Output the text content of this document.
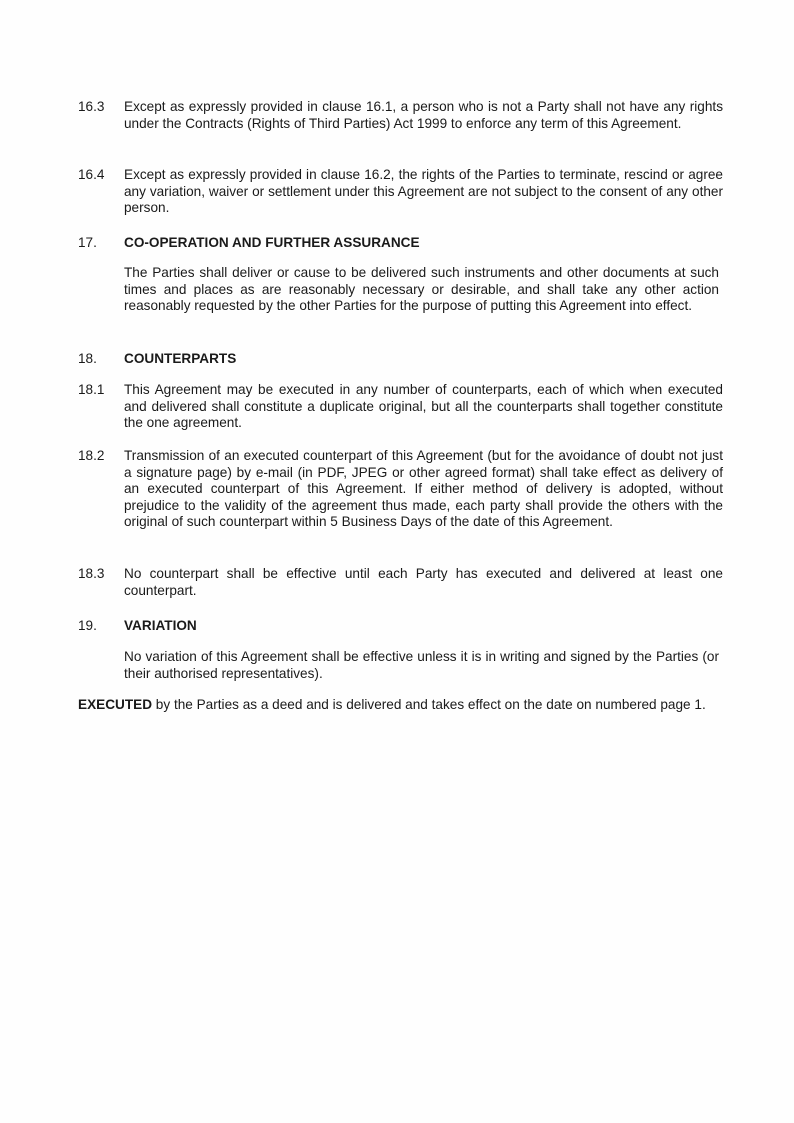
16.3	Except as expressly provided in clause 16.1, a person who is not a Party shall not have any rights under the Contracts (Rights of Third Parties) Act 1999 to enforce any term of this Agreement.
16.4	Except as expressly provided in clause 16.2, the rights of the Parties to terminate, rescind or agree any variation, waiver or settlement under this Agreement are not subject to the consent of any other person.
17.	CO-OPERATION AND FURTHER ASSURANCE
The Parties shall deliver or cause to be delivered such instruments and other documents at such times and places as are reasonably necessary or desirable, and shall take any other action reasonably requested by the other Parties for the purpose of putting this Agreement into effect.
18.	COUNTERPARTS
18.1	This Agreement may be executed in any number of counterparts, each of which when executed and delivered shall constitute a duplicate original, but all the counterparts shall together constitute the one agreement.
18.2	Transmission of an executed counterpart of this Agreement (but for the avoidance of doubt not just a signature page) by e-mail (in PDF, JPEG or other agreed format) shall take effect as delivery of an executed counterpart of this Agreement. If either method of delivery is adopted, without prejudice to the validity of the agreement thus made, each party shall provide the others with the original of such counterpart within 5 Business Days of the date of this Agreement.
18.3	No counterpart shall be effective until each Party has executed and delivered at least one counterpart.
19.	VARIATION
No variation of this Agreement shall be effective unless it is in writing and signed by the Parties (or their authorised representatives).
EXECUTED by the Parties as a deed and is delivered and takes effect on the date on numbered page 1.
